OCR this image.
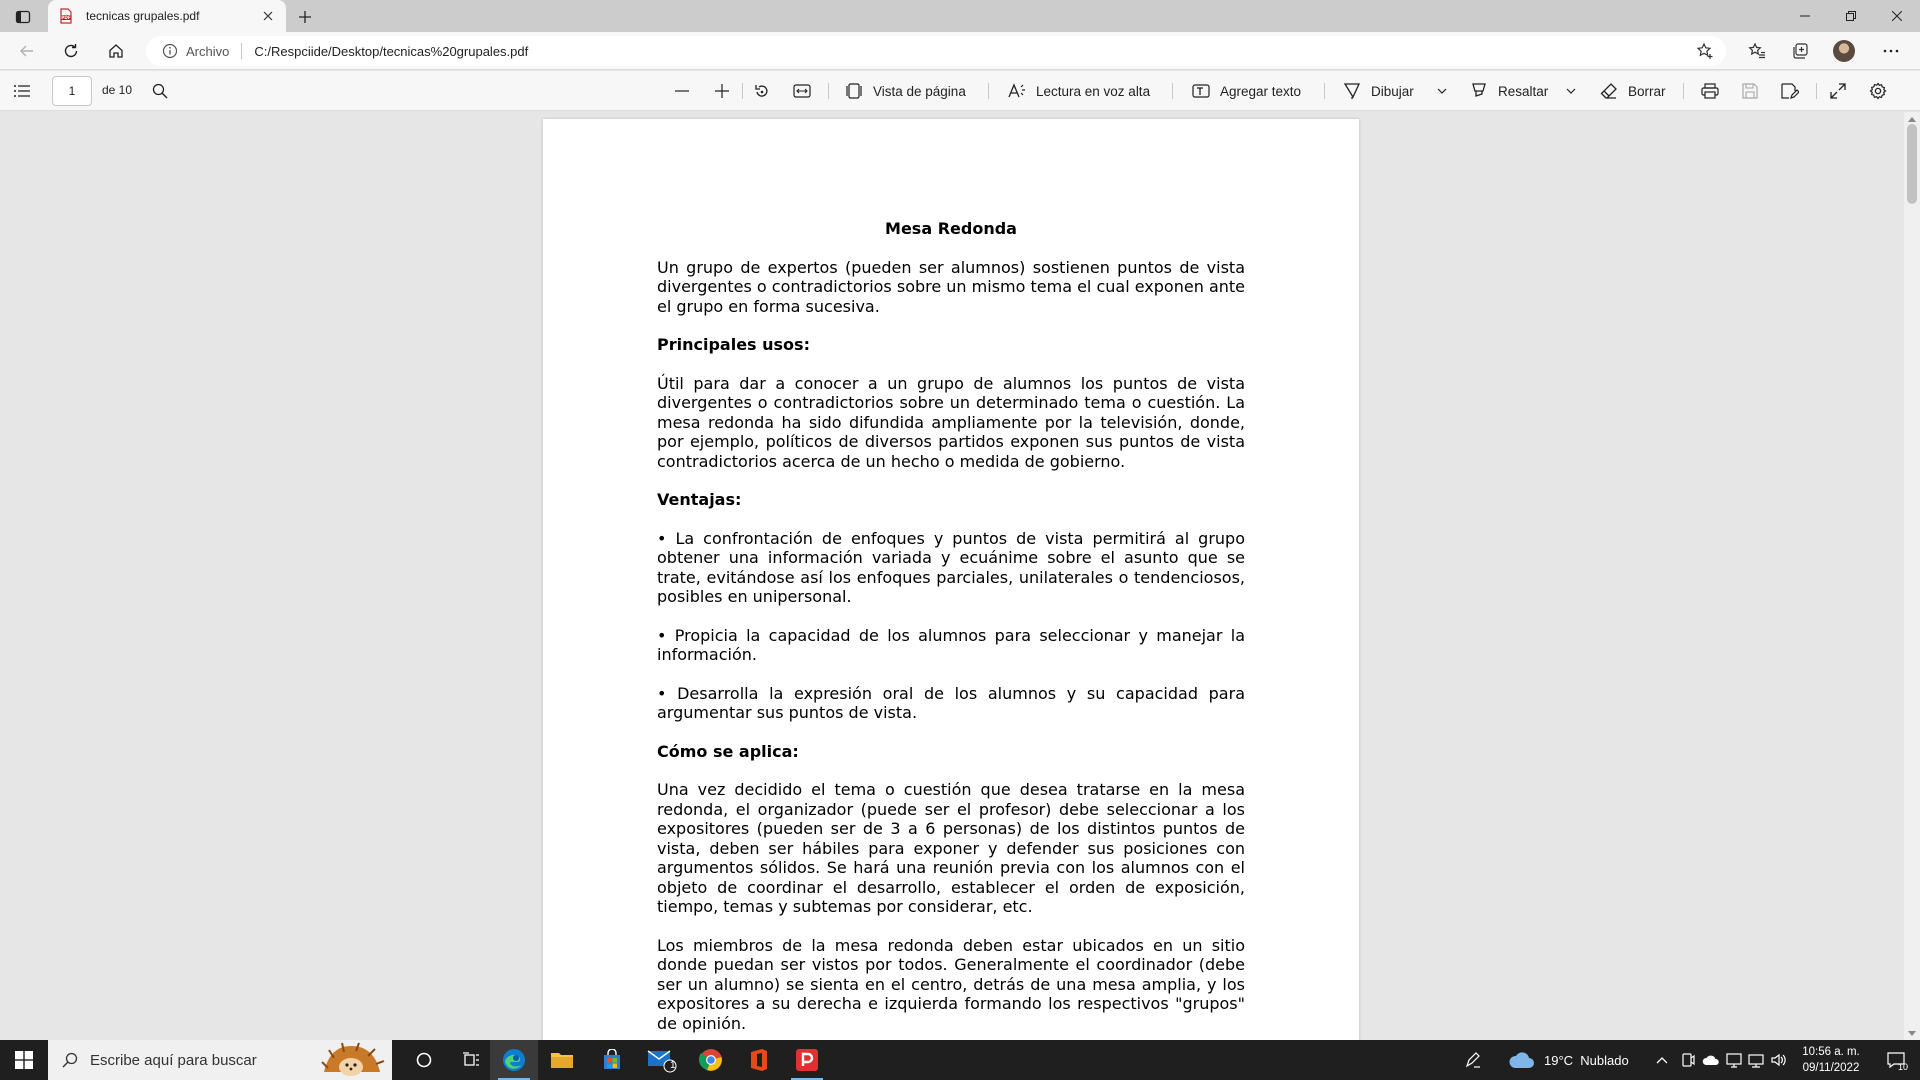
PDF tecnicas grupales.pdf
Archivo C:/Respciide/Desktop/tecnicas%20grupales.pdf
1	de 10	Vista de página	Lectura en voz alta	Agregar texto	Dibujar	Resaltar	Borrar
Mesa Redonda

Un grupo de expertos (pueden ser alumnos) sostienen puntos de vista divergentes o contradictorios sobre un mismo tema el cual exponen ante el grupo en forma sucesiva.

Principales usos:

Útil para dar a conocer a un grupo de alumnos los puntos de vista divergentes o contradictorios sobre un determinado tema o cuestión. La mesa redonda ha sido difundida ampliamente por la televisión, donde, por ejemplo, políticos de diversos partidos exponen sus puntos de vista contradictorios acerca de un hecho o medida de gobierno.

Ventajas:

• La confrontación de enfoques y puntos de vista permitirá al grupo obtener una información variada y ecuánime sobre el asunto que se trate, evitándose así los enfoques parciales, unilaterales o tendenciosos, posibles en unipersonal.

• Propicia la capacidad de los alumnos para seleccionar y manejar la información.

• Desarrolla la expresión oral de los alumnos y su capacidad para argumentar sus puntos de vista.

Cómo se aplica:

Una vez decidido el tema o cuestión que desea tratarse en la mesa redonda, el organizador (puede ser el profesor) debe seleccionar a los expositores (pueden ser de 3 a 6 personas) de los distintos puntos de vista, deben ser hábiles para exponer y defender sus posiciones con argumentos sólidos. Se hará una reunión previa con los alumnos con el objeto de coordinar el desarrollo, establecer el orden de exposición, tiempo, temas y subtemas por considerar, etc.

Los miembros de la mesa redonda deben estar ubicados en un sitio donde puedan ser vistos por todos. Generalmente el coordinador (debe ser un alumno) se sienta en el centro, detrás de una mesa amplia, y los expositores a su derecha e izquierda formando los respectivos "grupos" de opinión.

Escribe aquí para buscar	1	19°C  Nublado
10:56 a. m.
09/11/2022	10
